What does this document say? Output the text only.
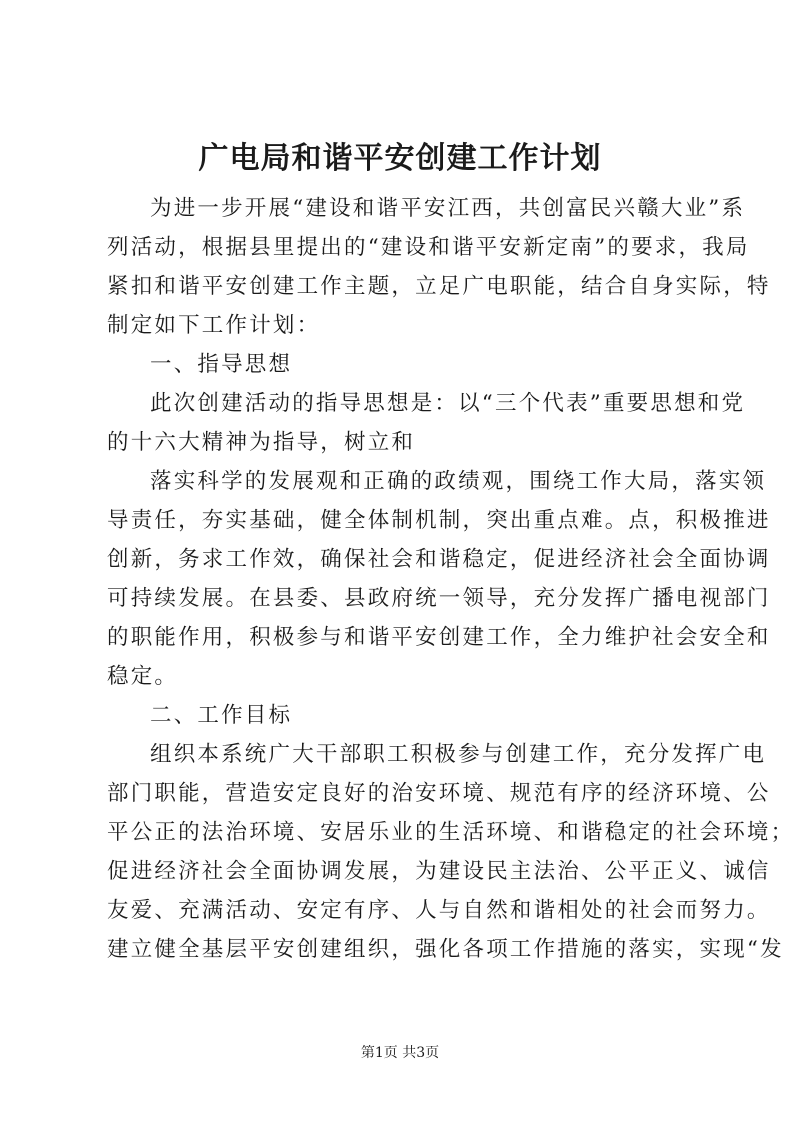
广电局和谐平安创建工作计划

为进一步开展“建设和谐平安江西，共创富民兴赣大业”系

列活动，根据县里提出的“建设和谐平安新定南”的要求，我局

紧扣和谐平安创建工作主题，立足广电职能，结合自身实际，特

制定如下工作计划：

一、指导思想

此次创建活动的指导思想是：以“三个代表”重要思想和党

的十六大精神为指导，树立和

落实科学的发展观和正确的政绩观，围绕工作大局，落实领

导责任，夯实基础，健全体制机制，突出重点难。点，积极推进

创新，务求工作效，确保社会和谐稳定，促进经济社会全面协调

可持续发展。在县委、县政府统一领导，充分发挥广播电视部门

的职能作用，积极参与和谐平安创建工作，全力维护社会安全和

稳定。

二、工作目标

组织本系统广大干部职工积极参与创建工作，充分发挥广电

部门职能，营造安定良好的治安环境、规范有序的经济环境、公

平公正的法治环境、安居乐业的生活环境、和谐稳定的社会环境；

促进经济社会全面协调发展，为建设民主法治、公平正义、诚信

友爱、充满活动、安定有序、人与自然和谐相处的社会而努力。

建立健全基层平安创建组织，强化各项工作措施的落实，实现“发

第1页 共3页
